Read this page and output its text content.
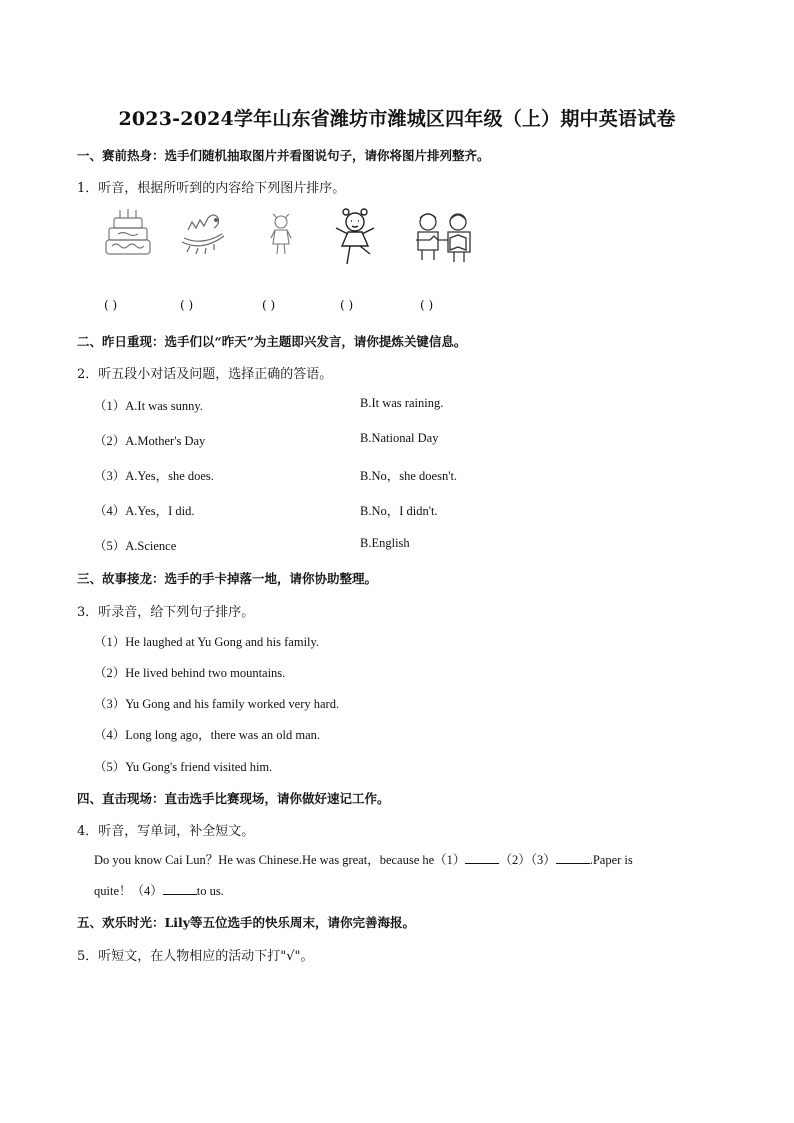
2023-2024学年山东省潍坊市潍城区四年级（上）期中英语试卷
一、赛前热身：选手们随机抽取图片并看图说句子，请你将图片排列整齐。
1．听音，根据所听到的内容给下列图片排序。
( )	( )	( )	( )	( )
二、昨日重现：选手们以“昨天”为主题即兴发言，请你提炼关键信息。
2．听五段小对话及问题，选择正确的答语。
（1）A.It was sunny.	B.It was raining.
（2）A.Mother's Day	B.National Day
（3）A.Yes，she does.	B.No，she doesn't.
（4）A.Yes，I did.	B.No，I didn't.
（5）A.Science	B.English
三、故事接龙：选手的手卡掉落一地，请你协助整理。
3．听录音，给下列句子排序。
（1）He laughed at Yu Gong and his family.
（2）He lived behind two mountains.
（3）Yu Gong and his family worked very hard.
（4）Long long ago，there was an old man.
（5）Yu Gong's friend visited him.
四、直击现场：直击选手比赛现场，请你做好速记工作。
4．听音，写单词，补全短文。
Do you know Cai Lun？He was Chinese.He was great，because he（1）	（2）（3）	.Paper is
quite！（4）	to us.
五、欢乐时光：Lily等五位选手的快乐周末，请你完善海报。
5．听短文，在人物相应的活动下打"√"。
